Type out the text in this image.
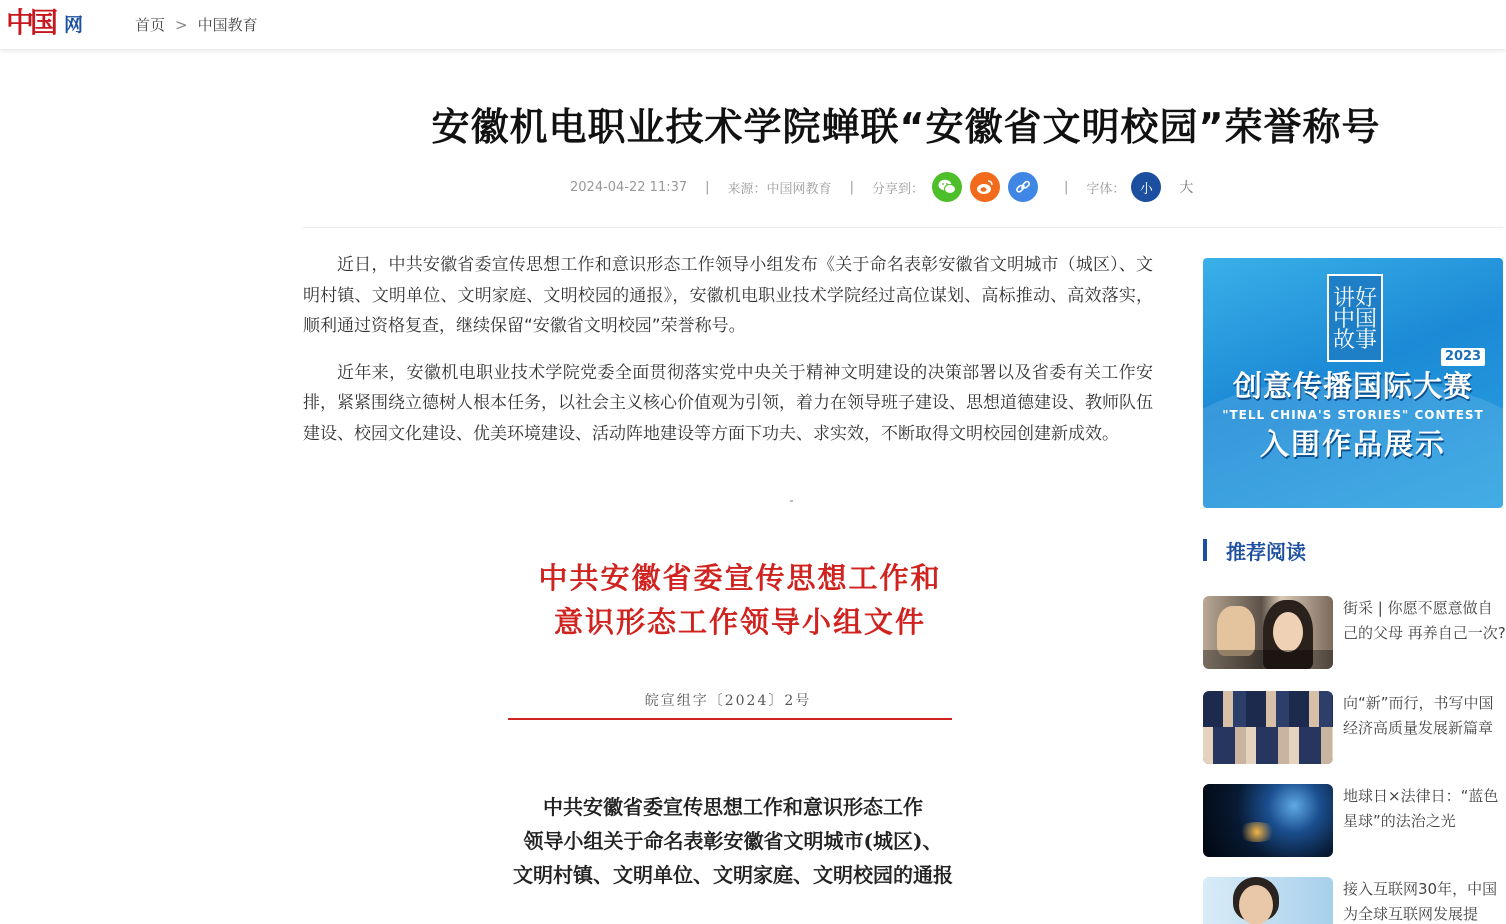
中国 网	首页 > 中国教育
安徽机电职业技术学院蝉联“安徽省文明校园”荣誉称号
2024-04-22 11:37 | 来源：中国网教育 | 分享到：	| 字体：	小	大

近日，中共安徽省委宣传思想工作和意识形态工作领导小组发布《关于命名表彰安徽省文明城市（城区）、文明村镇、文明单位、文明家庭、文明校园的通报》，安徽机电职业技术学院经过高位谋划、高标推动、高效落实，顺利通过资格复查，继续保留“安徽省文明校园”荣誉称号。

近年来，安徽机电职业技术学院党委全面贯彻落实党中央关于精神文明建设的决策部署以及省委有关工作安排，紧紧围绕立德树人根本任务，以社会主义核心价值观为引领，着力在领导班子建设、思想道德建设、教师队伍建设、校园文化建设、优美环境建设、活动阵地建设等方面下功夫、求实效，不断取得文明校园创建新成效。

中共安徽省委宣传思想工作和
意识形态工作领导小组文件
皖宣组字〔2024〕2号
中共安徽省委宣传思想工作和意识形态工作
领导小组关于命名表彰安徽省文明城市(城区)、
文明村镇、文明单位、文明家庭、文明校园的通报
讲好
中国
故事
2023
创意传播国际大赛
"TELL CHINA'S STORIES" CONTEST
入围作品展示
推荐阅读
街采 | 你愿不愿意做自己的父母 再养自己一次?
向“新”而行，书写中国经济高质量发展新篇章
地球日×法律日：“蓝色星球”的法治之光
接入互联网30年，中国为全球互联网发展提
